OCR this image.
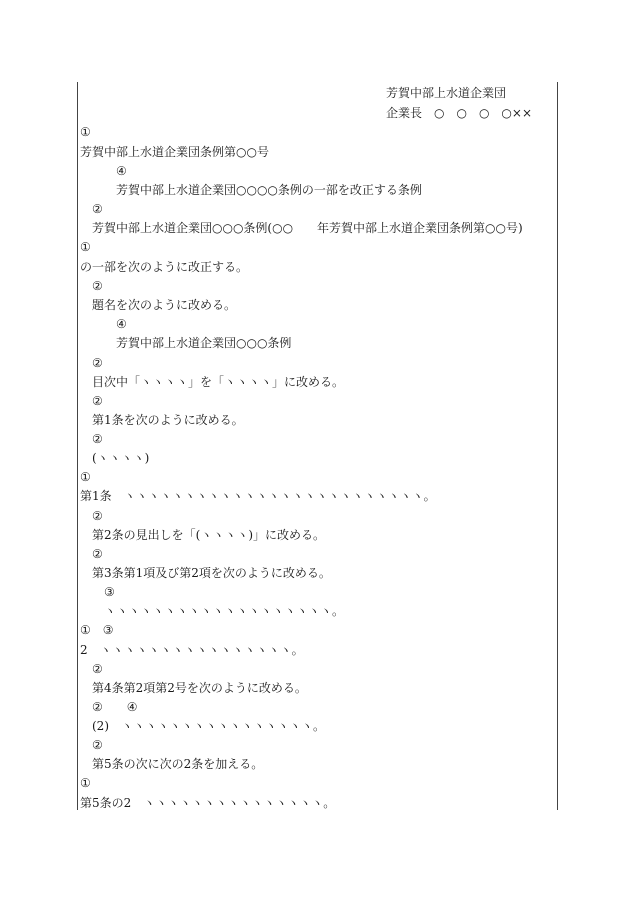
芳賀中部上水道企業団
企業長　○　○　○　○××
①
芳賀中部上水道企業団条例第○○号
④
芳賀中部上水道企業団○○○○条例の一部を改正する条例
②
芳賀中部上水道企業団○○○条例(○○　　年芳賀中部上水道企業団条例第○○号)
①
の一部を次のように改正する。
②
題名を次のように改める。
④
芳賀中部上水道企業団○○○条例
②
目次中「ヽヽヽヽ」を「ヽヽヽヽ」に改める。
②
第1条を次のように改める。
②
(ヽヽヽヽ)
①
第1条　ヽヽヽヽヽヽヽヽヽヽヽヽヽヽヽヽヽヽヽヽヽヽヽヽヽ。
②
第2条の見出しを「(ヽヽヽヽ)」に改める。
②
第3条第1項及び第2項を次のように改める。
③
ヽヽヽヽヽヽヽヽヽヽヽヽヽヽヽヽヽヽヽ。
①　③
2　ヽヽヽヽヽヽヽヽヽヽヽヽヽヽヽヽ。
②
第4条第2項第2号を次のように改める。
②　　④
(2)　ヽヽヽヽヽヽヽヽヽヽヽヽヽヽヽヽ。
②
第5条の次に次の2条を加える。
①
第5条の2　ヽヽヽヽヽヽヽヽヽヽヽヽヽヽヽ。
